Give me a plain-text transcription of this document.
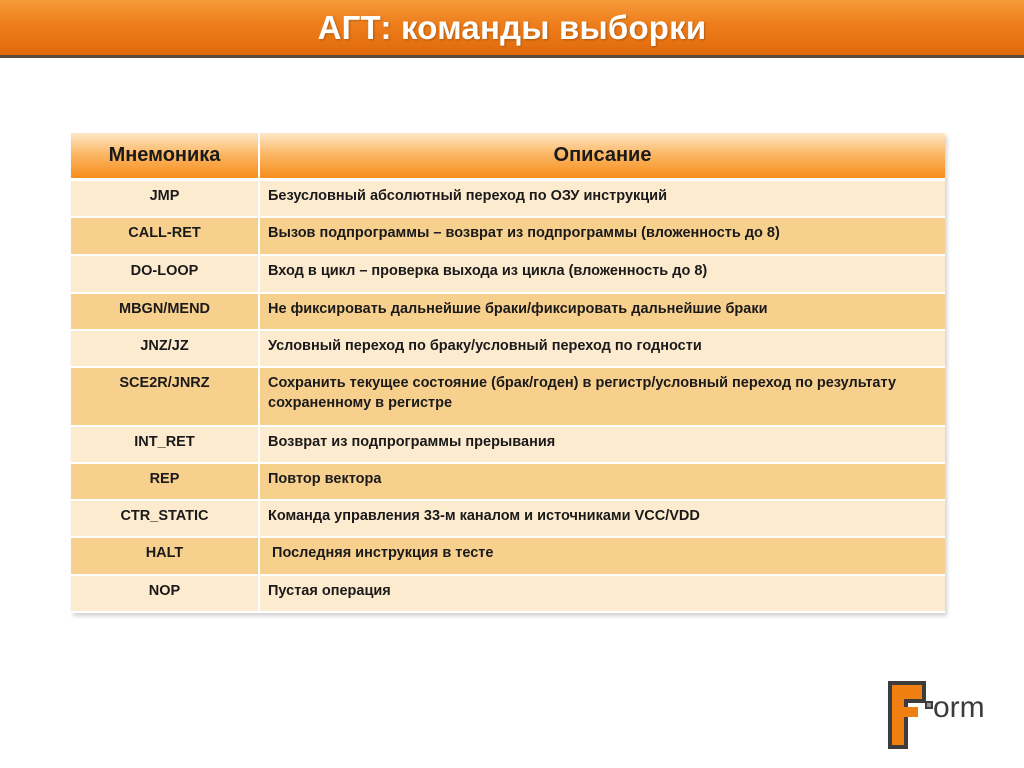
АГТ: команды выборки
Мнемоника	Описание
JMP	Безусловный абсолютный переход по ОЗУ инструкций
CALL-RET	Вызов подпрограммы – возврат из подпрограммы (вложенность до 8)
DO-LOOP	Вход в цикл – проверка выхода из цикла (вложенность до 8)
MBGN/MEND	Не фиксировать дальнейшие браки/фиксировать дальнейшие браки
JNZ/JZ	Условный переход по браку/условный переход по годности
SCE2R/JNRZ	Сохранить текущее состояние (брак/годен) в регистр/условный переход по результату сохраненному в регистре
INT_RET	Возврат из подпрограммы прерывания
REP	Повтор вектора
CTR_STATIC	Команда управления 33-м каналом и источниками VCC/VDD
HALT	Последняя инструкция в тесте
NOP	Пустая операция
orm
